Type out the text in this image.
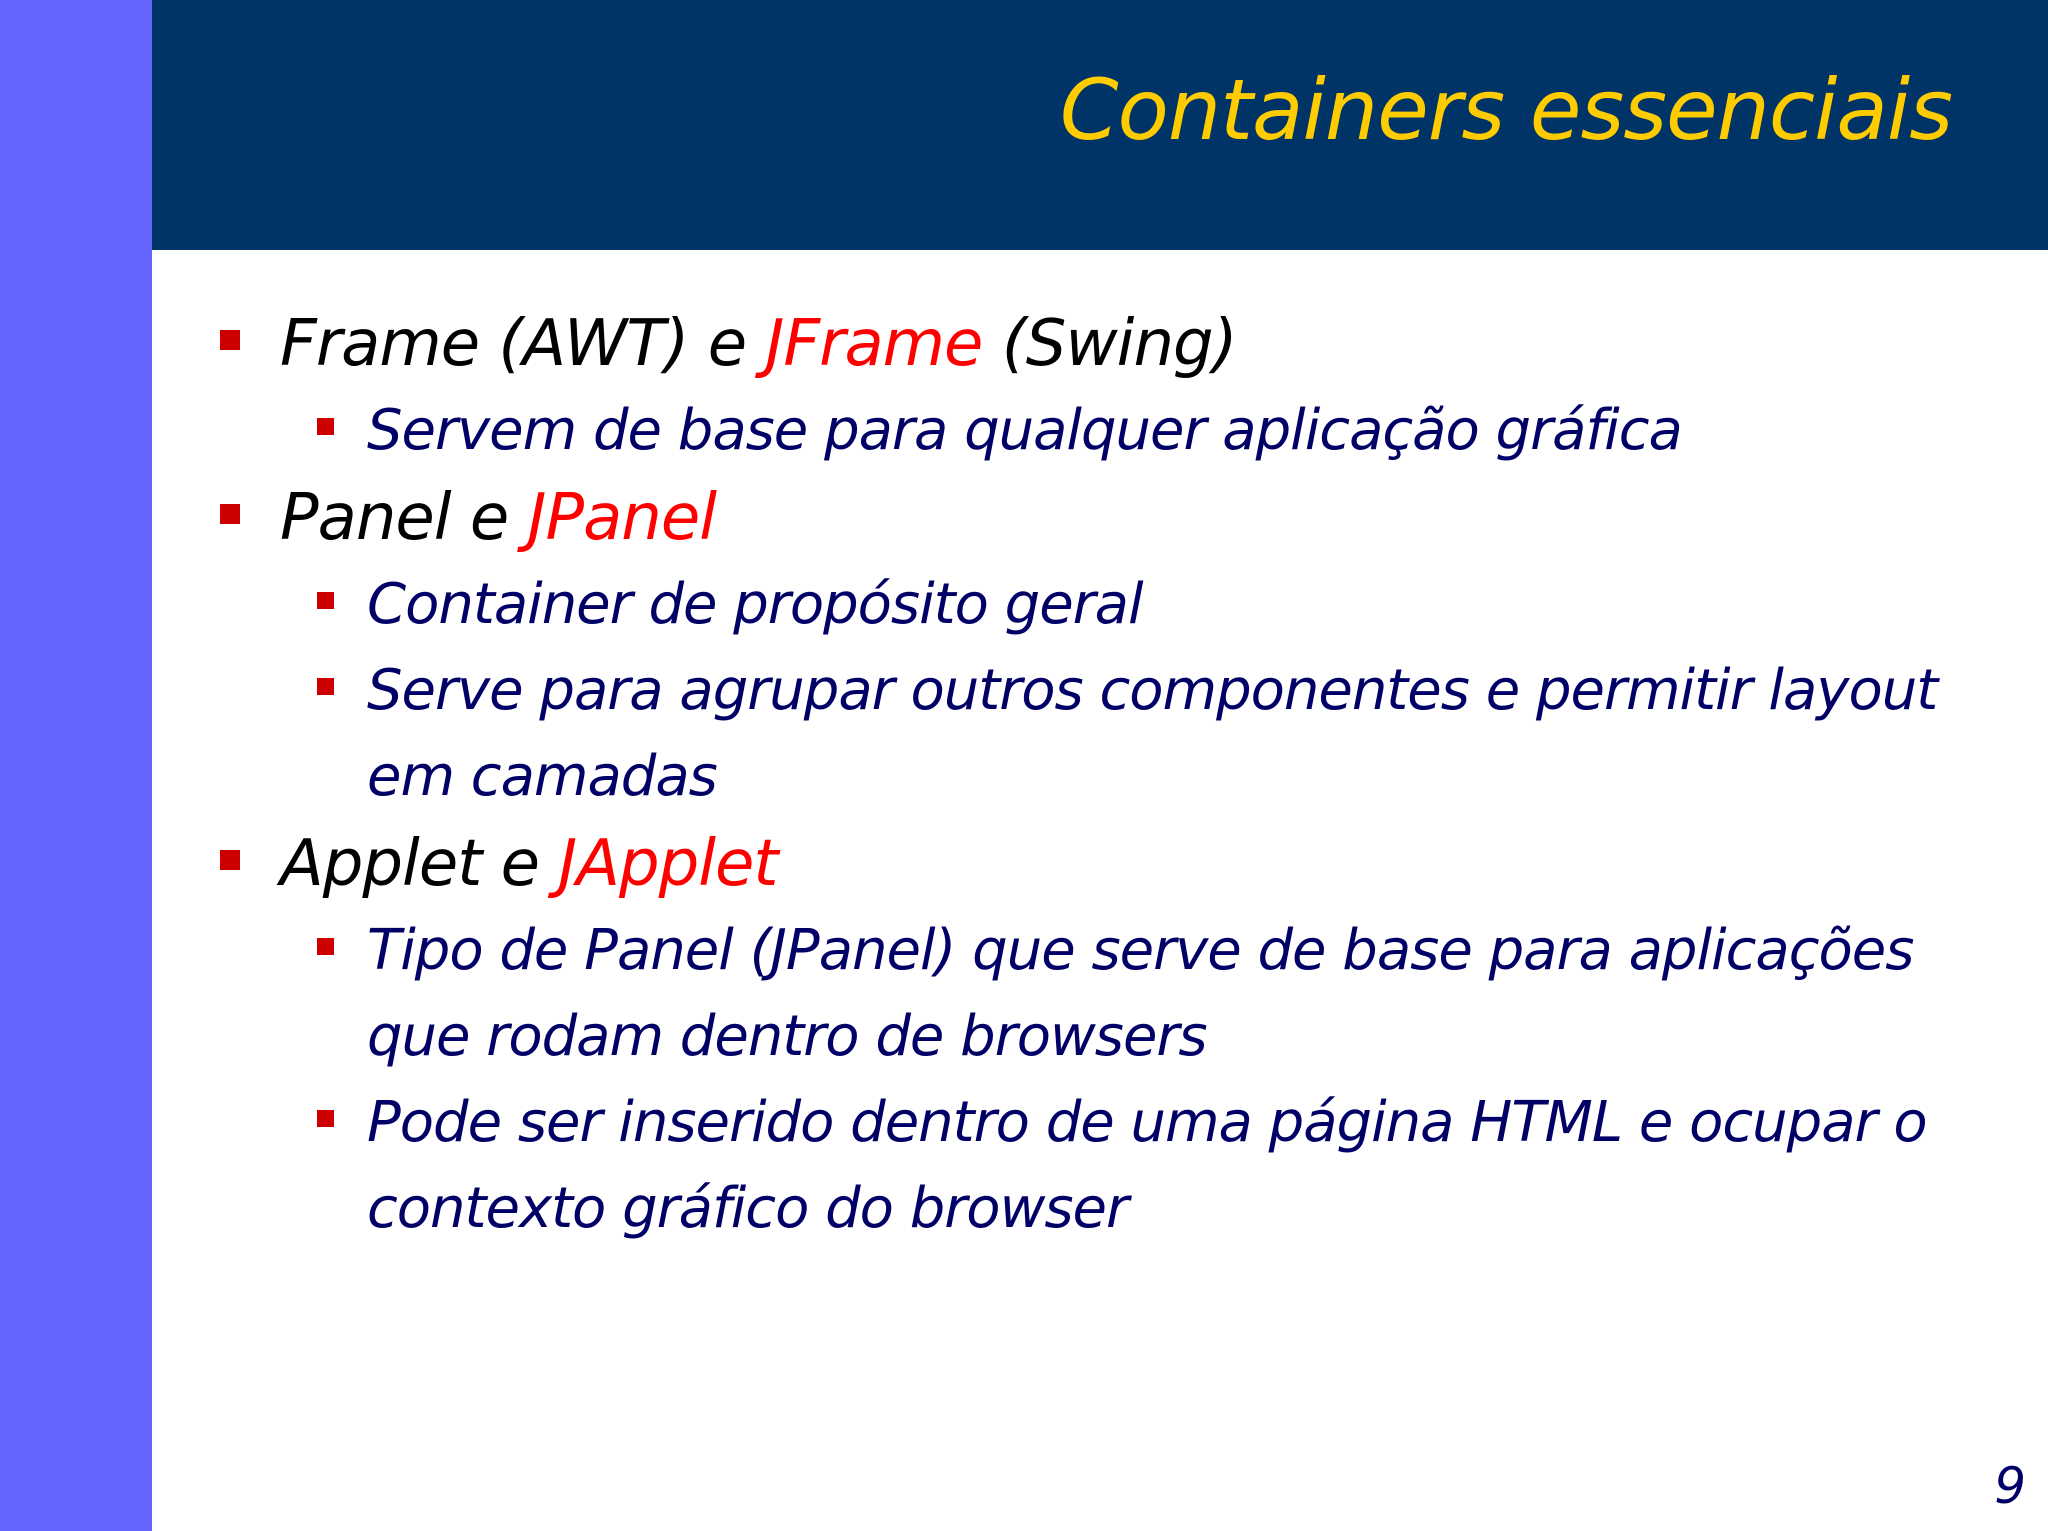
Containers essenciais
Frame (AWT) e JFrame (Swing)
Servem de base para qualquer aplicação gráfica
Panel e JPanel
Container de propósito geral
Serve para agrupar outros componentes e permitir layout em camadas
Applet e JApplet
Tipo de Panel (JPanel) que serve de base para aplicações que rodam dentro de browsers
Pode ser inserido dentro de uma página HTML e ocupar o contexto gráfico do browser
9
